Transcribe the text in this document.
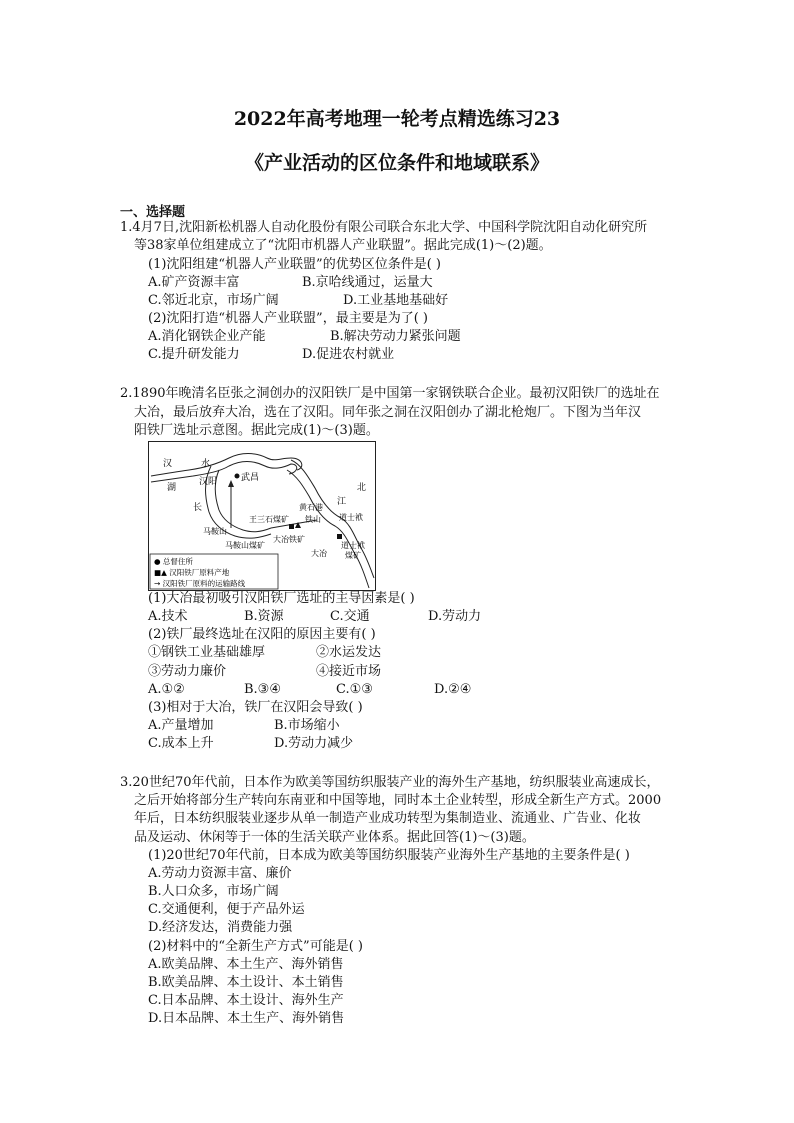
2022年高考地理一轮考点精选练习23
《产业活动的区位条件和地域联系》
一、选择题
1.4月7日,沈阳新松机器人自动化股份有限公司联合东北大学、中国科学院沈阳自动化研究所
等38家单位组建成立了“沈阳市机器人产业联盟”。据此完成(1)～(2)题。
(1)沈阳组建“机器人产业联盟”的优势区位条件是( )
A.矿产资源丰富	B.京哈线通过，运量大
C.邻近北京，市场广阔	D.工业基地基础好
(2)沈阳打造“机器人产业联盟”，最主要是为了( )
A.消化钢铁企业产能	B.解决劳动力紧张问题
C.提升研发能力	D.促进农村就业
2.1890年晚清名臣张之洞创办的汉阳铁厂是中国第一家钢铁联合企业。最初汉阳铁厂的选址在
大冶，最后放弃大冶，选在了汉阳。同年张之洞在汉阳创办了湖北枪炮厂。下图为当年汉
阳铁厂选址示意图。据此完成(1)～(3)题。
汉	水
汉阳	武昌
湖
长
江
北
黄石港
铁山 道士袱
王三石煤矿
马鞍山
马鞍山煤矿
大冶铁矿
大冶
道士袱
煤矿
● 总督住所
■▲ 汉阳铁厂原料产地
→ 汉阳铁厂原料的运输路线
(1)大冶最初吸引汉阳铁厂选址的主导因素是( )
A.技术	B.资源	C.交通	D.劳动力
(2)铁厂最终选址在汉阳的原因主要有( )
①钢铁工业基础雄厚	②水运发达
③劳动力廉价	④接近市场
A.①②	B.③④	C.①③	D.②④
(3)相对于大冶，铁厂在汉阳会导致( )
A.产量增加	B.市场缩小
C.成本上升	D.劳动力减少
3.20世纪70年代前，日本作为欧美等国纺织服装产业的海外生产基地，纺织服装业高速成长，
之后开始将部分生产转向东南亚和中国等地，同时本土企业转型，形成全新生产方式。2000
年后，日本纺织服装业逐步从单一制造产业成功转型为集制造业、流通业、广告业、化妆
品及运动、休闲等于一体的生活关联产业体系。据此回答(1)～(3)题。
(1)20世纪70年代前，日本成为欧美等国纺织服装产业海外生产基地的主要条件是( )
A.劳动力资源丰富、廉价
B.人口众多，市场广阔
C.交通便利，便于产品外运
D.经济发达，消费能力强
(2)材料中的“全新生产方式”可能是( )
A.欧美品牌、本土生产、海外销售
B.欧美品牌、本土设计、本土销售
C.日本品牌、本土设计、海外生产
D.日本品牌、本土生产、海外销售
